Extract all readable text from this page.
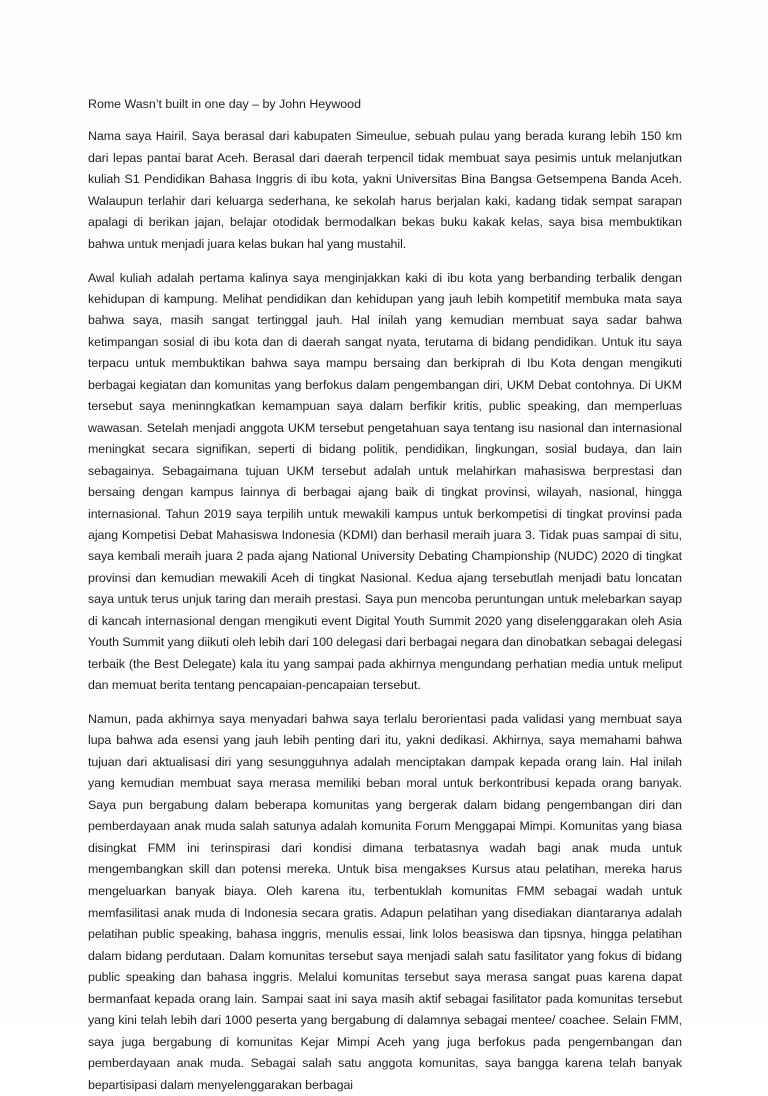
Rome Wasn’t built in one day – by John Heywood

Nama saya Hairil. Saya berasal dari kabupaten Simeulue, sebuah pulau yang berada kurang lebih 150 km dari lepas pantai barat Aceh. Berasal dari daerah terpencil tidak membuat saya pesimis untuk melanjutkan kuliah S1 Pendidikan Bahasa Inggris di ibu kota, yakni Universitas Bina Bangsa Getsempena Banda Aceh. Walaupun terlahir dari keluarga sederhana, ke sekolah harus berjalan kaki, kadang tidak sempat sarapan apalagi di berikan jajan, belajar otodidak bermodalkan bekas buku kakak kelas, saya bisa membuktikan bahwa untuk menjadi juara kelas bukan hal yang mustahil.

Awal kuliah adalah pertama kalinya saya menginjakkan kaki di ibu kota yang berbanding terbalik dengan kehidupan di kampung. Melihat pendidikan dan kehidupan yang jauh lebih kompetitif membuka mata saya bahwa saya, masih sangat tertinggal jauh. Hal inilah yang kemudian membuat saya sadar bahwa ketimpangan sosial di ibu kota dan di daerah sangat nyata, terutama di bidang pendidikan. Untuk itu saya terpacu untuk membuktikan bahwa saya mampu bersaing dan berkiprah di Ibu Kota dengan mengikuti berbagai kegiatan dan komunitas yang berfokus dalam pengembangan diri, UKM Debat contohnya. Di UKM tersebut saya meninngkatkan kemampuan saya dalam berfikir kritis, public speaking, dan memperluas wawasan. Setelah menjadi anggota UKM tersebut pengetahuan saya tentang isu nasional dan internasional meningkat secara signifikan, seperti di bidang politik, pendidikan, lingkungan, sosial budaya, dan lain sebagainya. Sebagaimana tujuan UKM tersebut adalah untuk melahirkan mahasiswa berprestasi dan bersaing dengan kampus lainnya di berbagai ajang baik di tingkat provinsi, wilayah, nasional, hingga internasional. Tahun 2019 saya terpilih untuk mewakili kampus untuk berkompetisi di tingkat provinsi pada ajang Kompetisi Debat Mahasiswa Indonesia (KDMI) dan berhasil meraih juara 3. Tidak puas sampai di situ, saya kembali meraih juara 2 pada ajang National University Debating Championship (NUDC) 2020 di tingkat provinsi dan kemudian mewakili Aceh di tingkat Nasional. Kedua ajang tersebutlah menjadi batu loncatan saya untuk terus unjuk taring dan meraih prestasi. Saya pun mencoba peruntungan untuk melebarkan sayap di kancah internasional dengan mengikuti event Digital Youth Summit 2020 yang diselenggarakan oleh Asia Youth Summit yang diikuti oleh lebih dari 100 delegasi dari berbagai negara dan dinobatkan sebagai delegasi terbaik (the Best Delegate) kala itu yang sampai pada akhirnya mengundang perhatian media untuk meliput dan memuat berita tentang pencapaian-pencapaian tersebut.

Namun, pada akhirnya saya menyadari bahwa saya terlalu berorientasi pada validasi yang membuat saya lupa bahwa ada esensi yang jauh lebih penting dari itu, yakni dedikasi. Akhirnya, saya memahami bahwa tujuan dari aktualisasi diri yang sesungguhnya adalah menciptakan dampak kepada orang lain. Hal inilah yang kemudian membuat saya merasa memiliki beban moral untuk berkontribusi kepada orang banyak. Saya pun bergabung dalam beberapa komunitas yang bergerak dalam bidang pengembangan diri dan pemberdayaan anak muda salah satunya adalah komunita Forum Menggapai Mimpi. Komunitas yang biasa disingkat FMM ini terinspirasi dari kondisi dimana terbatasnya wadah bagi anak muda untuk mengembangkan skill dan potensi mereka. Untuk bisa mengakses Kursus atau pelatihan, mereka harus mengeluarkan banyak biaya. Oleh karena itu, terbentuklah komunitas FMM sebagai wadah untuk memfasilitasi anak muda di Indonesia secara gratis. Adapun pelatihan yang disediakan diantaranya adalah pelatihan public speaking, bahasa inggris, menulis essai, link lolos beasiswa dan tipsnya, hingga pelatihan dalam bidang perdutaan. Dalam komunitas tersebut saya menjadi salah satu fasilitator yang fokus di bidang public speaking dan bahasa inggris. Melalui komunitas tersebut saya merasa sangat puas karena dapat bermanfaat kepada orang lain. Sampai saat ini saya masih aktif sebagai fasilitator pada komunitas tersebut yang kini telah lebih dari 1000 peserta yang bergabung di dalamnya sebagai mentee/ coachee. Selain FMM, saya juga bergabung di komunitas Kejar Mimpi Aceh yang juga berfokus pada pengembangan dan pemberdayaan anak muda. Sebagai salah satu anggota komunitas, saya bangga karena telah banyak bepartisipasi dalam menyelenggarakan berbagai
